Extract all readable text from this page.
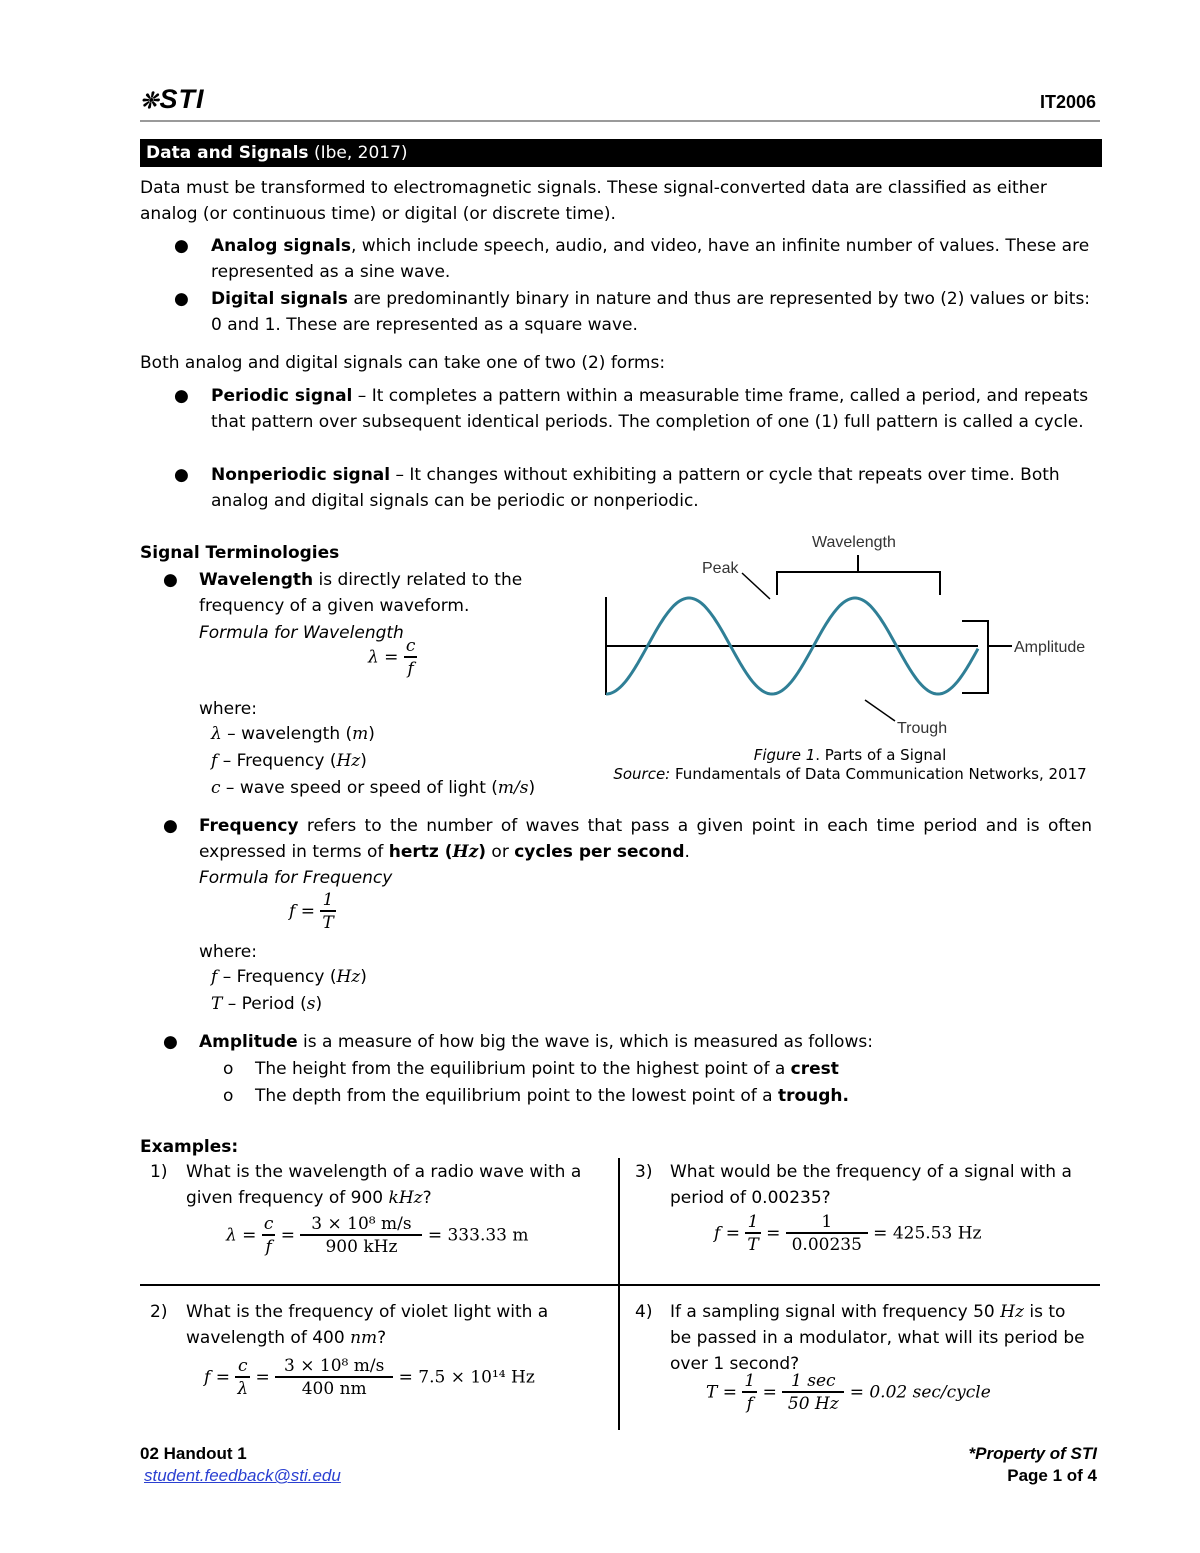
❊STI	IT2006
Data and Signals (Ibe, 2017)
Data must be transformed to electromagnetic signals. These signal-converted data are classified as either analog (or continuous time) or digital (or discrete time).
● Analog signals, which include speech, audio, and video, have an infinite number of values. These are represented as a sine wave.
● Digital signals are predominantly binary in nature and thus are represented by two (2) values or bits: 0 and 1. These are represented as a square wave.
Both analog and digital signals can take one of two (2) forms:
● Periodic signal – It completes a pattern within a measurable time frame, called a period, and repeats that pattern over subsequent identical periods. The completion of one (1) full pattern is called a cycle.
● Nonperiodic signal – It changes without exhibiting a pattern or cycle that repeats over time. Both analog and digital signals can be periodic or nonperiodic.
Signal Terminologies
● Wavelength is directly related to the frequency of a given waveform.
Formula for Wavelength
$\lambda = \frac{c}{f}$
where:
λ – wavelength (m)
f – Frequency (Hz)
c – wave speed or speed of light (m/s)
Wavelength
Peak
Amplitude
Trough
Figure 1. Parts of a Signal
Source: Fundamentals of Data Communication Networks, 2017
● Frequency refers to the number of waves that pass a given point in each time period and is often expressed in terms of hertz (Hz) or cycles per second.
Formula for Frequency
$f = \frac{1}{T}$
where:
f – Frequency (Hz)
T – Period (s)
● Amplitude is a measure of how big the wave is, which is measured as follows:
o The height from the equilibrium point to the highest point of a crest
o The depth from the equilibrium point to the lowest point of a trough.
Examples:
1) What is the wavelength of a radio wave with a given frequency of 900 kHz?
$\lambda = \frac{c}{f} = \frac{\text{3 × 10⁸ m/s}}{\text{900 kHz}} = 333.33$ m
2) What is the frequency of violet light with a wavelength of 400 nm?
$f = \frac{c}{\lambda} = \frac{\text{3 × 10⁸ m/s}}{400 nm} = 7.5 \times 10^{14}$ Hz
3) What would be the frequency of a signal with a period of 0.00235?
$f = \frac{1}{T} = \frac{1}{0.00235} = 425.53$ Hz
4) If a sampling signal with frequency 50 Hz is to be passed in a modulator, what will its period be over 1 second?
$T = \frac{1}{f} = \frac{1 \sec}{50 Hz} = 0.02$ sec/cycle
02 Handout 1
student.feedback@sti.edu
*Property of STI
Page 1 of 4
